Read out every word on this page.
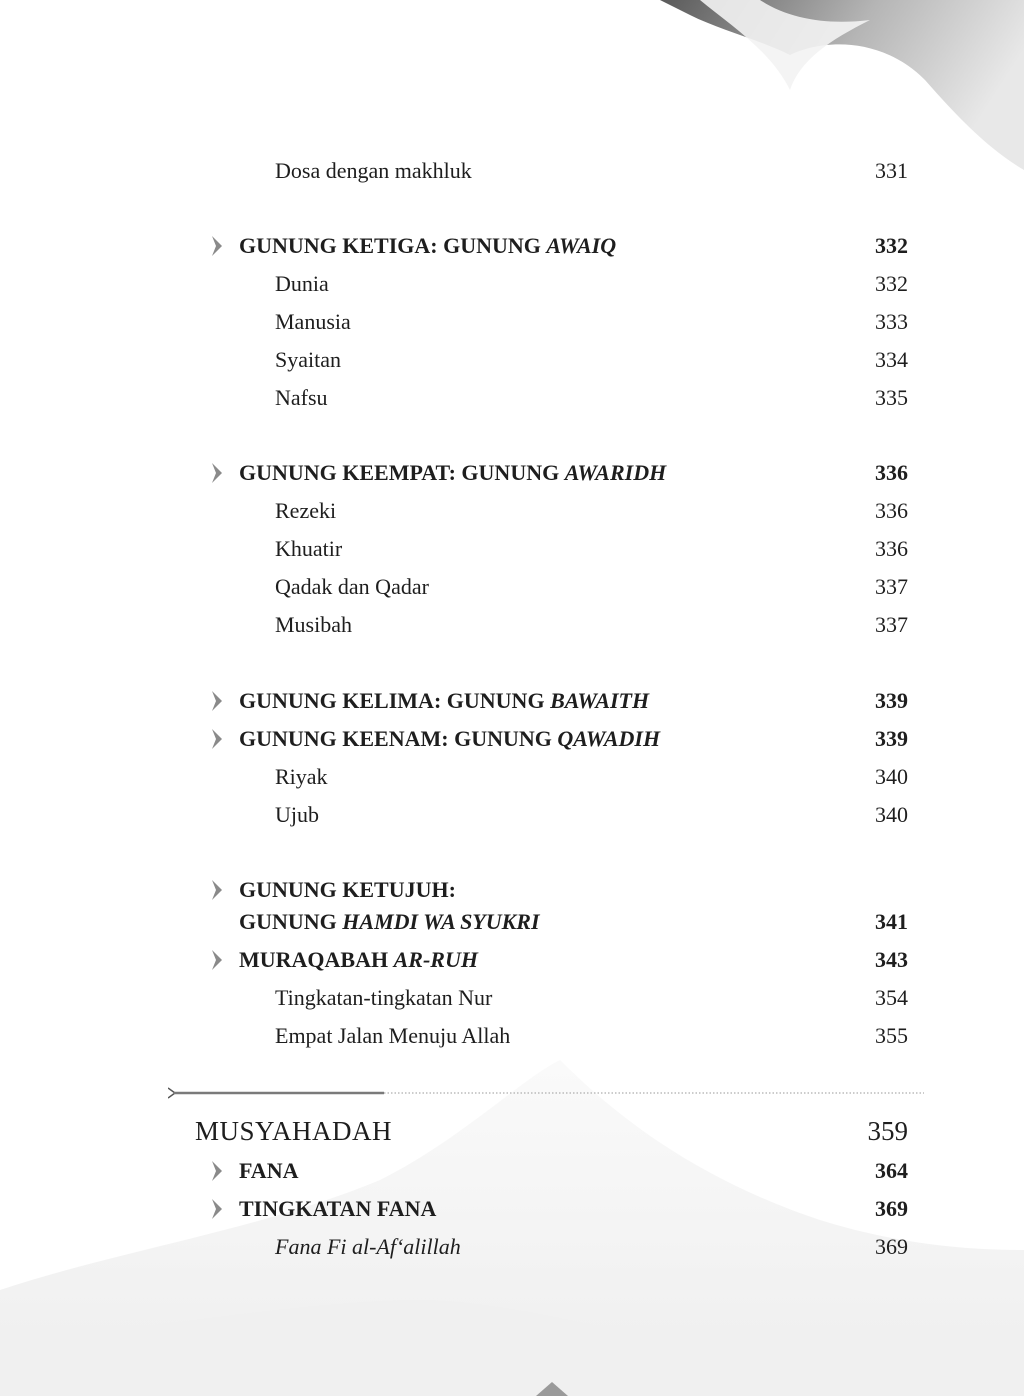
Dosa dengan makhluk	331
GUNUNG KETIGA: GUNUNG AWAIQ	332
Dunia	332
Manusia	333
Syaitan	334
Nafsu	335
GUNUNG KEEMPAT: GUNUNG AWARIDH	336
Rezeki	336
Khuatir	336
Qadak dan Qadar	337
Musibah	337
GUNUNG KELIMA: GUNUNG BAWAITH	339
GUNUNG KEENAM: GUNUNG QAWADIH	339
Riyak	340
Ujub	340
GUNUNG KETUJUH:
GUNUNG HAMDI WA SYUKRI	341
MURAQABAH AR-RUH	343
Tingkatan-tingkatan Nur	354
Empat Jalan Menuju Allah	355
MUSYAHADAH	359
FANA	364
TINGKATAN FANA	369
Fana Fi al-Af‘alillah	369
